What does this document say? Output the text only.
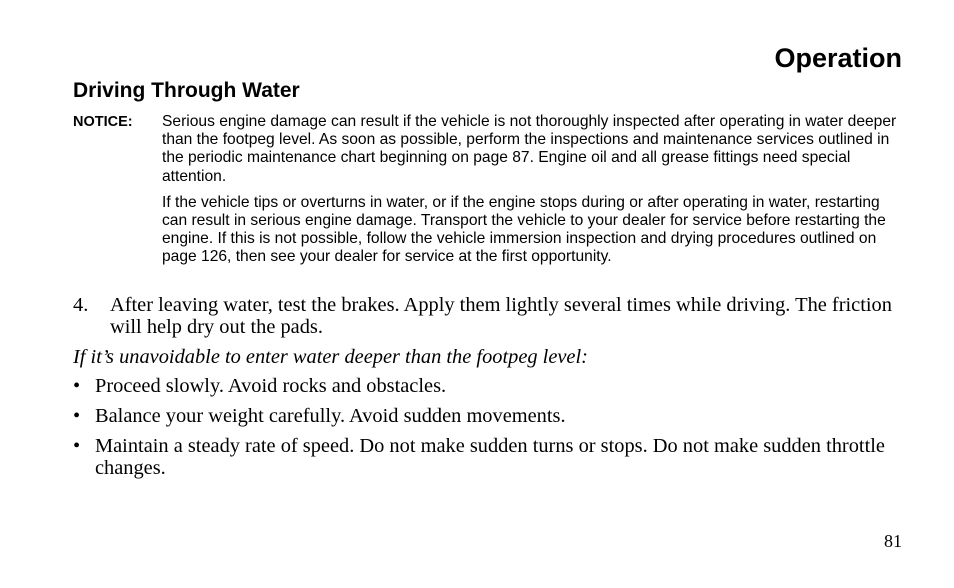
Operation
Driving Through Water
NOTICE: Serious engine damage can result if the vehicle is not thoroughly inspected after operating in water deeper than the footpeg level. As soon as possible, perform the inspections and maintenance services outlined in the periodic maintenance chart beginning on page 87. Engine oil and all grease fittings need special attention.

If the vehicle tips or overturns in water, or if the engine stops during or after operating in water, restarting can result in serious engine damage. Transport the vehicle to your dealer for service before restarting the engine. If this is not possible, follow the vehicle immersion inspection and drying procedures outlined on page 126, then see your dealer for service at the first opportunity.

4. After leaving water, test the brakes. Apply them lightly several times while driving. The friction will help dry out the pads.
If it’s unavoidable to enter water deeper than the footpeg level:
• Proceed slowly. Avoid rocks and obstacles.
• Balance your weight carefully. Avoid sudden movements.
• Maintain a steady rate of speed. Do not make sudden turns or stops. Do not make sudden throttle changes.
81
